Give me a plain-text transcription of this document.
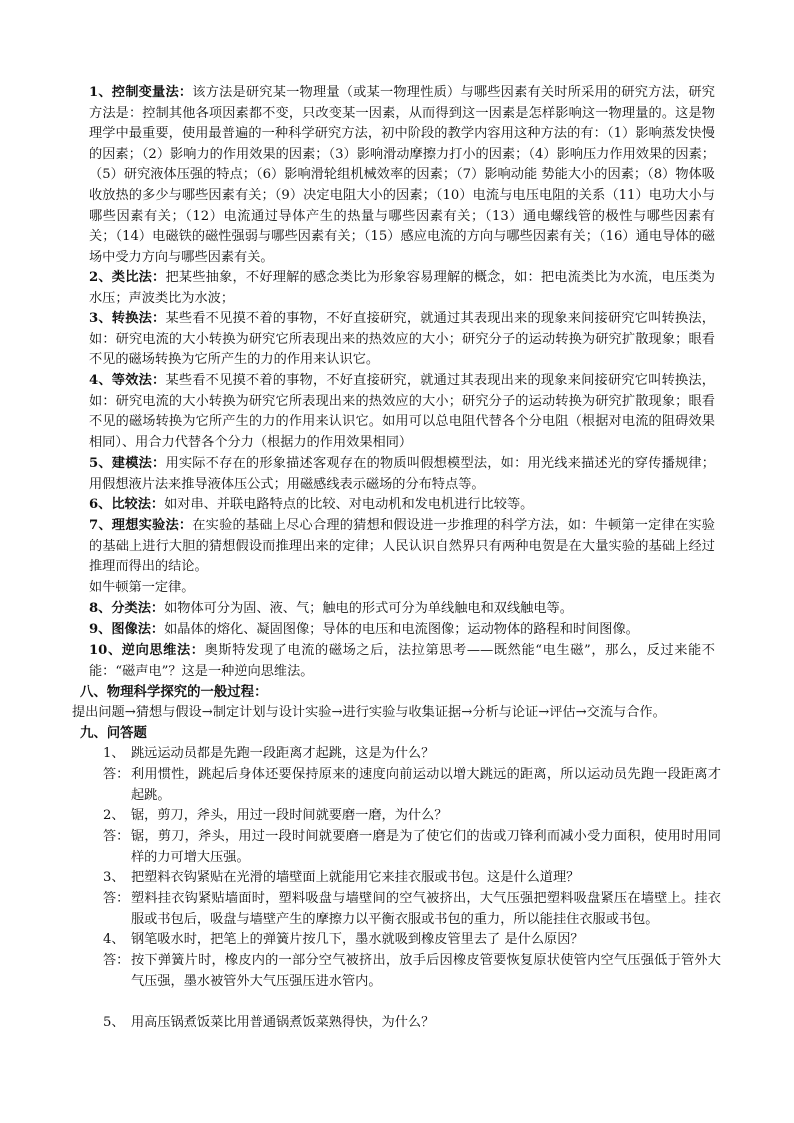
1、控制变量法：该方法是研究某一物理量（或某一物理性质）与哪些因素有关时所采用的研究方法，研究方法是：控制其他各项因素都不变，只改变某一因素，从而得到这一因素是怎样影响这一物理量的。这是物理学中最重要，使用最普遍的一种科学研究方法，初中阶段的教学内容用这种方法的有：（1）影响蒸发快慢的因素；（2）影响力的作用效果的因素；（3）影响滑动摩擦力打小的因素；（4）影响压力作用效果的因素；（5）研究液体压强的特点；（6）影响滑轮组机械效率的因素；（7）影响动能 势能大小的因素；（8）物体吸收放热的多少与哪些因素有关；（9）决定电阻大小的因素；（10）电流与电压电阻的关系（11）电功大小与哪些因素有关；（12）电流通过导体产生的热量与哪些因素有关；（13）通电螺线管的极性与哪些因素有关；（14）电磁铁的磁性强弱与哪些因素有关；（15）感应电流的方向与哪些因素有关；（16）通电导体的磁场中受力方向与哪些因素有关。

2、类比法：把某些抽象，不好理解的感念类比为形象容易理解的概念，如：把电流类比为水流，电压类为水压；声波类比为水波；

3、转换法：某些看不见摸不着的事物，不好直接研究，就通过其表现出来的现象来间接研究它叫转换法，如：研究电流的大小转换为研究它所表现出来的热效应的大小；研究分子的运动转换为研究扩散现象；眼看不见的磁场转换为它所产生的力的作用来认识它。

4、等效法：某些看不见摸不着的事物，不好直接研究，就通过其表现出来的现象来间接研究它叫转换法，如：研究电流的大小转换为研究它所表现出来的热效应的大小；研究分子的运动转换为研究扩散现象；眼看不见的磁场转换为它所产生的力的作用来认识它。如用可以总电阻代替各个分电阻（根据对电流的阻碍效果相同）、用合力代替各个分力（根据力的作用效果相同）

5、建模法：用实际不存在的形象描述客观存在的物质叫假想模型法，如：用光线来描述光的穿传播规律；用假想液片法来推导液体压公式；用磁感线表示磁场的分布特点等。

6、比较法：如对串、并联电路特点的比较、对电动机和发电机进行比较等。

7、理想实验法：在实验的基础上尽心合理的猜想和假设进一步推理的科学方法，如：牛顿第一定律在实验的基础上进行大胆的猜想假设而推理出来的定律；人民认识自然界只有两种电贺是在大量实验的基础上经过推理而得出的结论。

如牛顿第一定律。

8、分类法：如物体可分为固、液、气；触电的形式可分为单线触电和双线触电等。

9、图像法：如晶体的熔化、凝固图像；导体的电压和电流图像；运动物体的路程和时间图像。

10、逆向思维法：奥斯特发现了电流的磁场之后，法拉第思考——既然能“电生磁”，那么，反过来能不能：“磁声电”？这是一种逆向思维法。

八、物理科学探究的一般过程：

提出问题→猜想与假设→制定计划与设计实验→进行实验与收集证据→分析与论证→评估→交流与合作。

九、问答题

1、 跳远运动员都是先跑一段距离才起跳，这是为什么？

答： 利用惯性，跳起后身体还要保持原来的速度向前运动以增大跳远的距离，所以运动员先跑一段距离才起跳。

2、 锯，剪刀，斧头，用过一段时间就要磨一磨，为什么？

答： 锯，剪刀，斧头，用过一段时间就要磨一磨是为了使它们的齿或刀锋利而减小受力面积，使用时用同样的力可增大压强。

3、 把塑料衣钩紧贴在光滑的墙壁面上就能用它来挂衣服或书包。这是什么道理？

答： 塑料挂衣钩紧贴墙面时，塑料吸盘与墙壁间的空气被挤出，大气压强把塑料吸盘紧压在墙壁上。挂衣服或书包后，吸盘与墙壁产生的摩擦力以平衡衣服或书包的重力，所以能挂住衣服或书包。

4、 钢笔吸水时，把笔上的弹簧片按几下，墨水就吸到橡皮管里去了 是什么原因？

答： 按下弹簧片时，橡皮内的一部分空气被挤出，放手后因橡皮管要恢复原状使管内空气压强低于管外大气压强，墨水被管外大气压强压进水管内。

5、 用高压锅煮饭菜比用普通锅煮饭菜熟得快，为什么？
